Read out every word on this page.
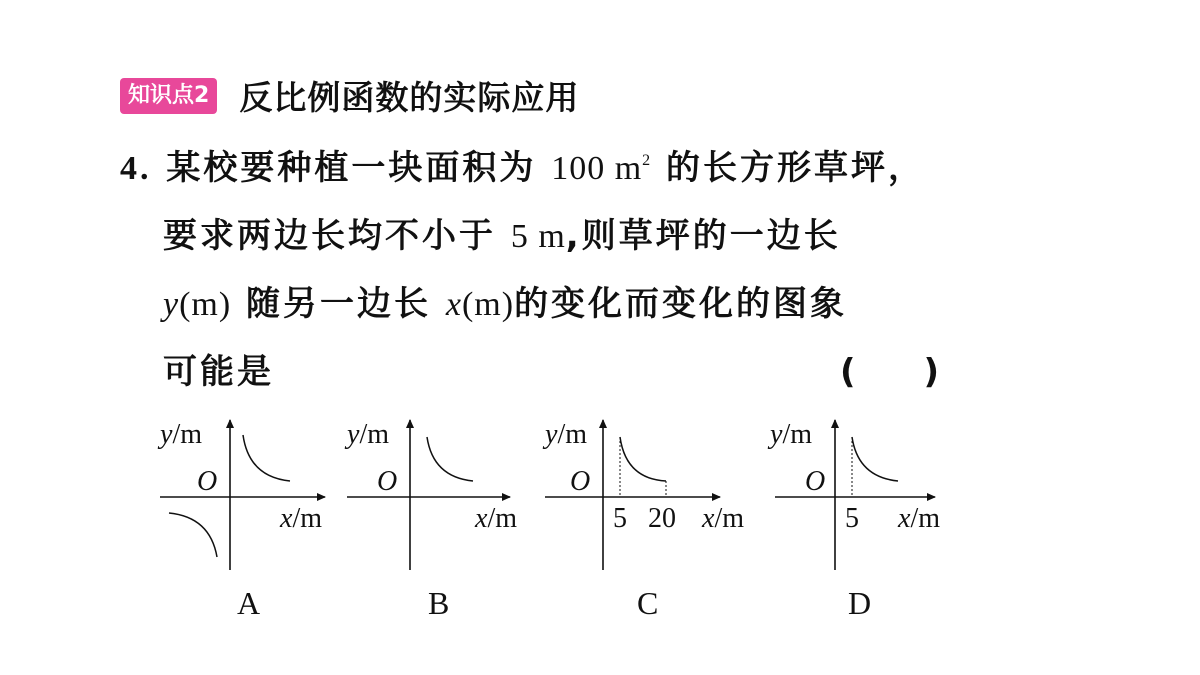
知识点2 反比例函数的实际应用
4. 某校要种植一块面积为 100 $m^2$ 的长方形草坪，
要求两边长均不小于 5 m,则草坪的一边长
y(m) 随另一边长 x(m)的变化而变化的图象
可能是	(　　)
y/m
O
x/m
y/m
O
x/m
y/m
O
5 20 x/m
y/m
O
5 x/m
A	B	C	D
